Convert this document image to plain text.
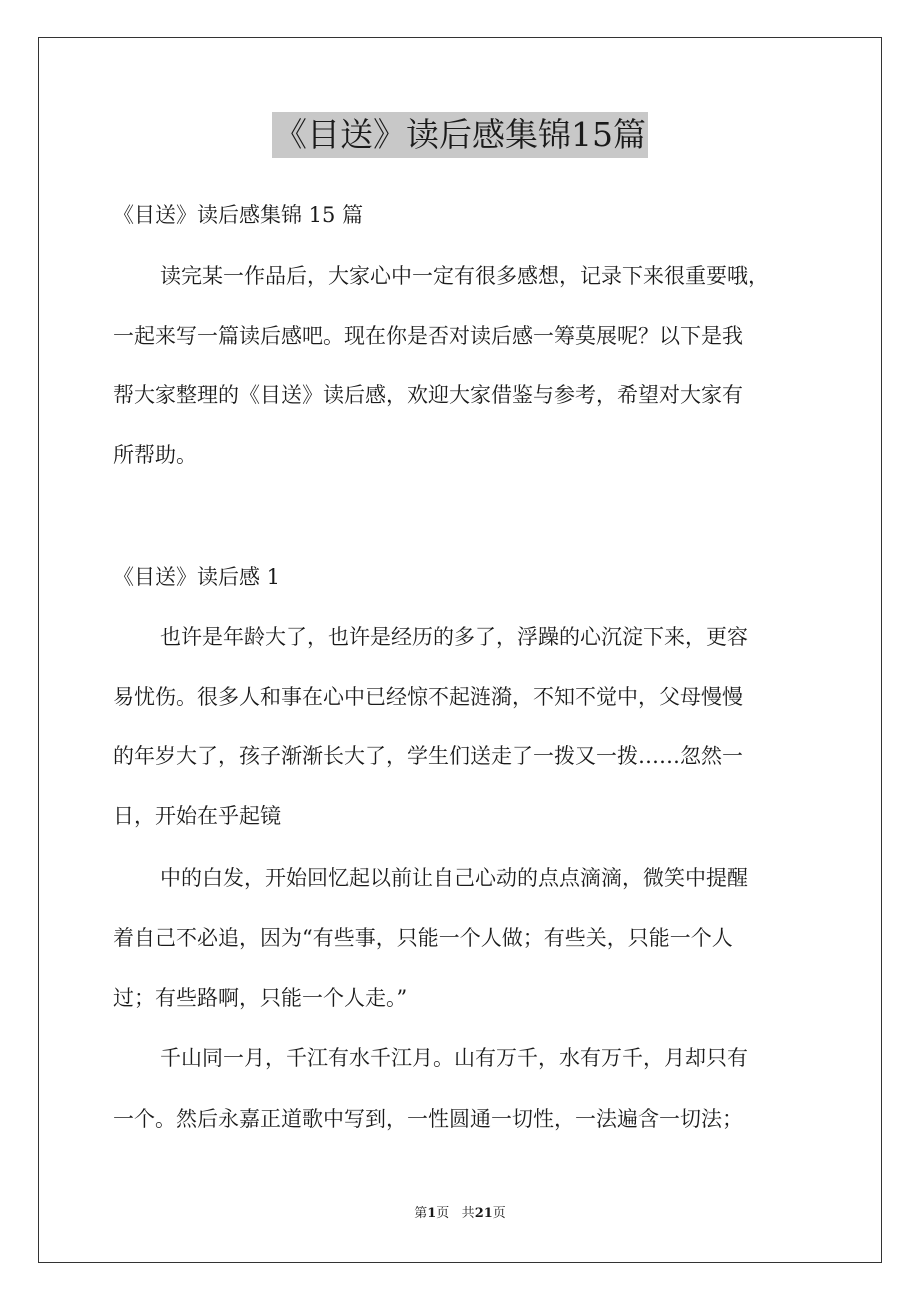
《目送》读后感集锦15篇

《目送》读后感集锦 15 篇

读完某一作品后，大家心中一定有很多感想，记录下来很重要哦，

一起来写一篇读后感吧。现在你是否对读后感一筹莫展呢？以下是我

帮大家整理的《目送》读后感，欢迎大家借鉴与参考，希望对大家有

所帮助。

《目送》读后感 1

也许是年龄大了，也许是经历的多了，浮躁的心沉淀下来，更容

易忧伤。很多人和事在心中已经惊不起涟漪，不知不觉中，父母慢慢

的年岁大了，孩子渐渐长大了，学生们送走了一拨又一拨……忽然一

日，开始在乎起镜

中的白发，开始回忆起以前让自己心动的点点滴滴，微笑中提醒

着自己不必追，因为“有些事，只能一个人做；有些关，只能一个人

过；有些路啊，只能一个人走。”

千山同一月，千江有水千江月。山有万千，水有万千，月却只有

一个。然后永嘉正道歌中写到，一性圆通一切性，一法遍含一切法；

第1页 共21页
